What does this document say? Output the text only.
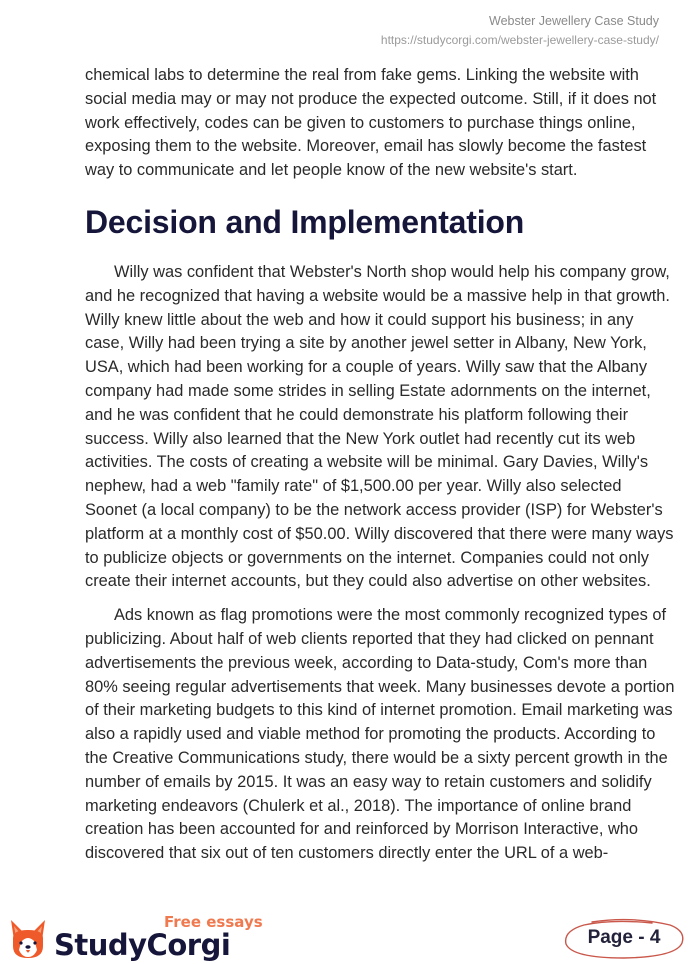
Webster Jewellery Case Study
https://studycorgi.com/webster-jewellery-case-study/

chemical labs to determine the real from fake gems. Linking the website with social media may or may not produce the expected outcome. Still, if it does not work effectively, codes can be given to customers to purchase things online, exposing them to the website. Moreover, email has slowly become the fastest way to communicate and let people know of the new website's start.

Decision and Implementation

Willy was confident that Webster's North shop would help his company grow, and he recognized that having a website would be a massive help in that growth. Willy knew little about the web and how it could support his business; in any case, Willy had been trying a site by another jewel setter in Albany, New York, USA, which had been working for a couple of years. Willy saw that the Albany company had made some strides in selling Estate adornments on the internet, and he was confident that he could demonstrate his platform following their success. Willy also learned that the New York outlet had recently cut its web activities. The costs of creating a website will be minimal. Gary Davies, Willy's nephew, had a web "family rate" of $1,500.00 per year. Willy also selected Soonet (a local company) to be the network access provider (ISP) for Webster's platform at a monthly cost of $50.00. Willy discovered that there were many ways to publicize objects or governments on the internet. Companies could not only create their internet accounts, but they could also advertise on other websites.

Ads known as flag promotions were the most commonly recognized types of publicizing. About half of web clients reported that they had clicked on pennant advertisements the previous week, according to Data-study, Com's more than 80% seeing regular advertisements that week. Many businesses devote a portion of their marketing budgets to this kind of internet promotion. Email marketing was also a rapidly used and viable method for promoting the products. According to the Creative Communications study, there would be a sixty percent growth in the number of emails by 2015. It was an easy way to retain customers and solidify marketing endeavors (Chulerk et al., 2018). The importance of online brand creation has been accounted for and reinforced by Morrison Interactive, who discovered that six out of ten customers directly enter the URL of a web-

Free essays
StudyCorgi	Page - 4
